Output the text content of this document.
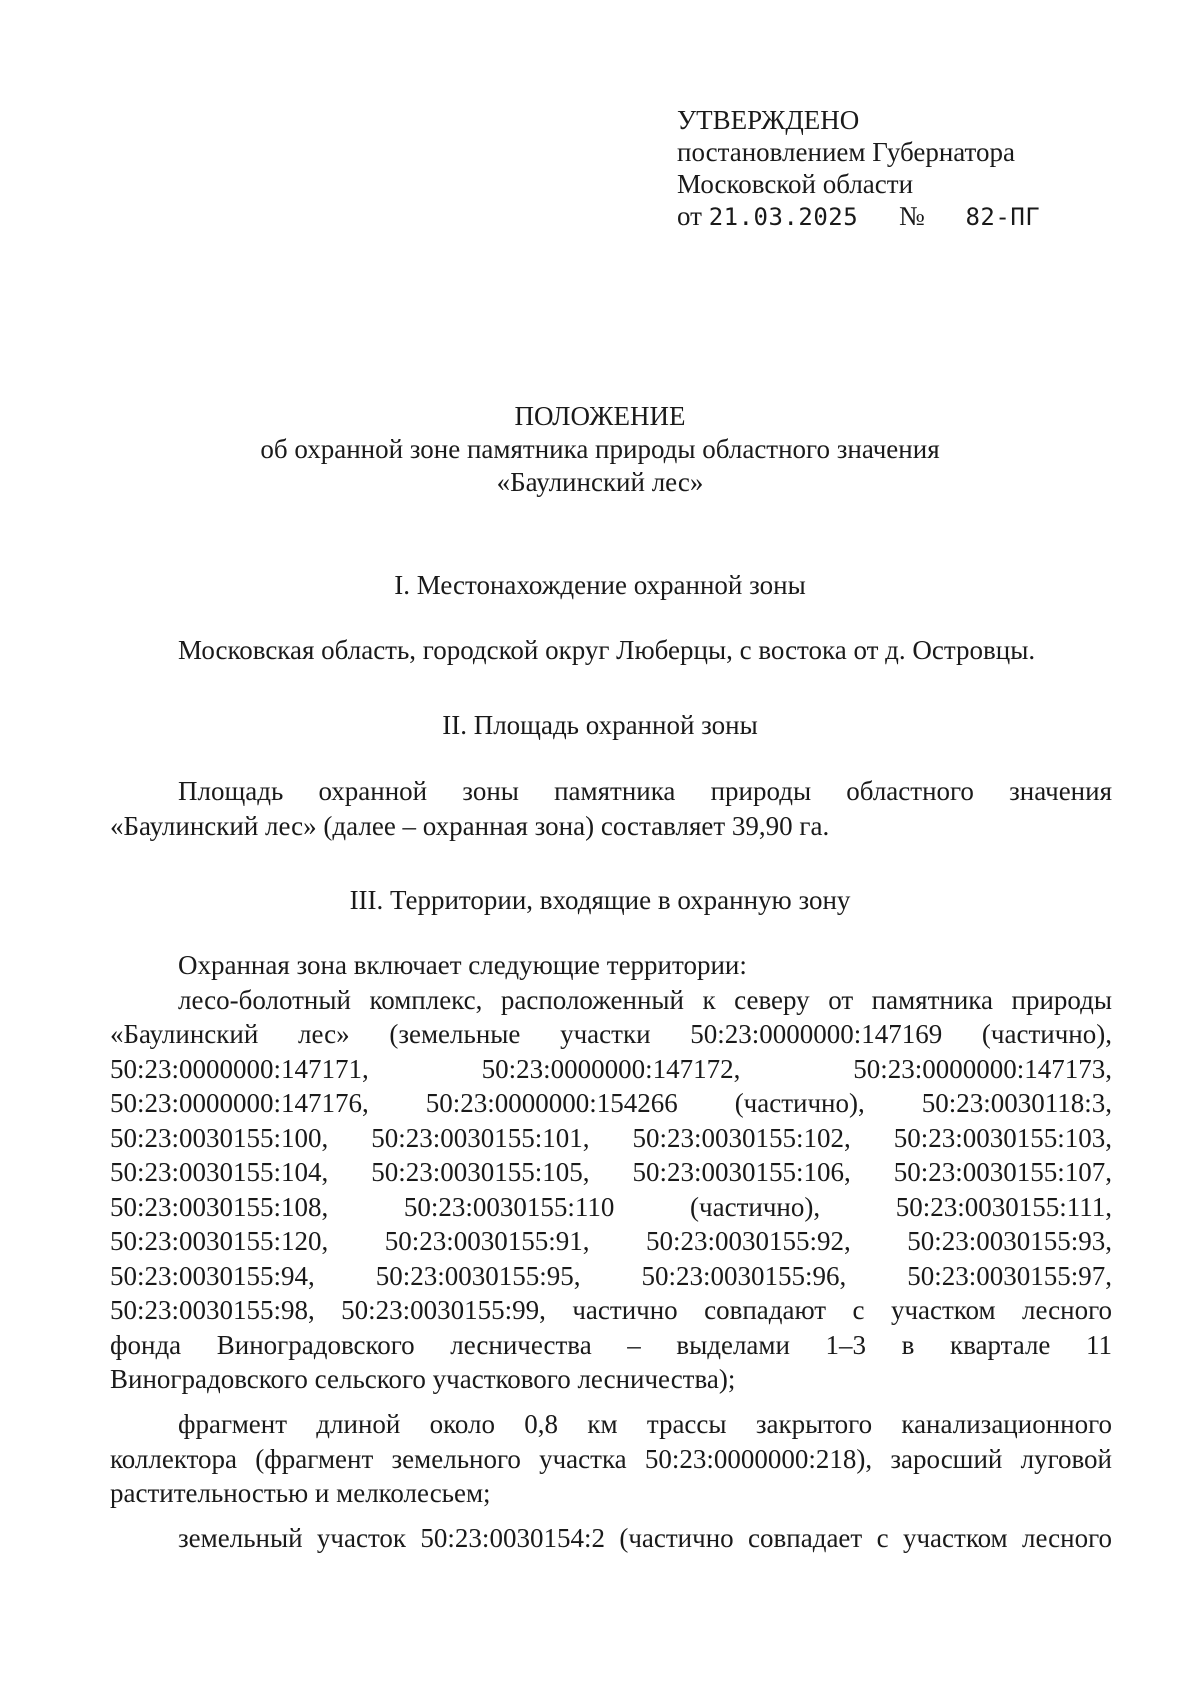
УТВЕРЖДЕНО
постановлением Губернатора
Московской области
от 21.03.2025 № 82-ПГ
ПОЛОЖЕНИЕ
об охранной зоне памятника природы областного значения
«Баулинский лес»
I. Местонахождение охранной зоны
Московская область, городской округ Люберцы, с востока от д. Островцы.
II. Площадь охранной зоны
Площадь охранной зоны памятника природы областного значения
«Баулинский лес» (далее – охранная зона) составляет 39,90 га.
III. Территории, входящие в охранную зону
Охранная зона включает следующие территории:
лесо-болотный комплекс, расположенный к северу от памятника природы
«Баулинский лес» (земельные участки 50:23:0000000:147169 (частично),
50:23:0000000:147171,	50:23:0000000:147172,	50:23:0000000:147173,
50:23:0000000:147176, 50:23:0000000:154266 (частично), 50:23:0030118:3,
50:23:0030155:100, 50:23:0030155:101, 50:23:0030155:102, 50:23:0030155:103,
50:23:0030155:104, 50:23:0030155:105, 50:23:0030155:106, 50:23:0030155:107,
50:23:0030155:108,	50:23:0030155:110	(частично),	50:23:0030155:111,
50:23:0030155:120, 50:23:0030155:91, 50:23:0030155:92, 50:23:0030155:93,
50:23:0030155:94, 50:23:0030155:95, 50:23:0030155:96, 50:23:0030155:97,
50:23:0030155:98, 50:23:0030155:99, частично совпадают с участком лесного
фонда Виноградовского лесничества – выделами 1–3 в квартале 11
Виноградовского сельского участкового лесничества);
фрагмент длиной около 0,8 км трассы закрытого канализационного
коллектора (фрагмент земельного участка 50:23:0000000:218), заросший луговой
растительностью и мелколесьем;
земельный участок 50:23:0030154:2 (частично совпадает с участком лесного
